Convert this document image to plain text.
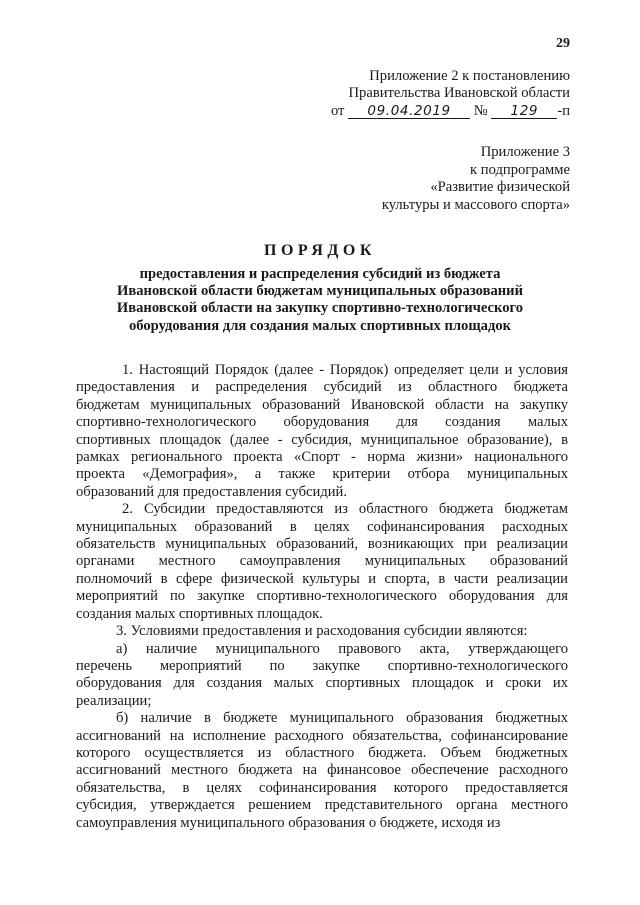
29
Приложение 2 к постановлению
Правительства Ивановской области
от 09.04.2019 № 129 -п
Приложение 3
к подпрограмме
«Развитие физической
культуры и массового спорта»
ПОРЯДОК
предоставления и распределения субсидий из бюджета
Ивановской области бюджетам муниципальных образований
Ивановской области на закупку спортивно-технологического
оборудования для создания малых спортивных площадок
1. Настоящий Порядок (далее - Порядок) определяет цели и условия
предоставления и распределения субсидий из областного бюджета
бюджетам муниципальных образований Ивановской области на закупку
спортивно-технологического оборудования для создания малых
спортивных площадок (далее - субсидия, муниципальное образование), в
рамках регионального проекта «Спорт - норма жизни» национального
проекта «Демография», а также критерии отбора муниципальных
образований для предоставления субсидий.
2. Субсидии предоставляются из областного бюджета бюджетам
муниципальных образований в целях софинансирования расходных
обязательств муниципальных образований, возникающих при реализации
органами местного самоуправления муниципальных образований
полномочий в сфере физической культуры и спорта, в части реализации
мероприятий по закупке спортивно-технологического оборудования для
создания малых спортивных площадок.
3. Условиями предоставления и расходования субсидии являются:
а) наличие муниципального правового акта, утверждающего
перечень мероприятий по закупке спортивно-технологического
оборудования для создания малых спортивных площадок и сроки их
реализации;
б) наличие в бюджете муниципального образования бюджетных
ассигнований на исполнение расходного обязательства, софинансирование
которого осуществляется из областного бюджета. Объем бюджетных
ассигнований местного бюджета на финансовое обеспечение расходного
обязательства, в целях софинансирования которого предоставляется
субсидия, утверждается решением представительного органа местного
самоуправления муниципального образования о бюджете, исходя из
